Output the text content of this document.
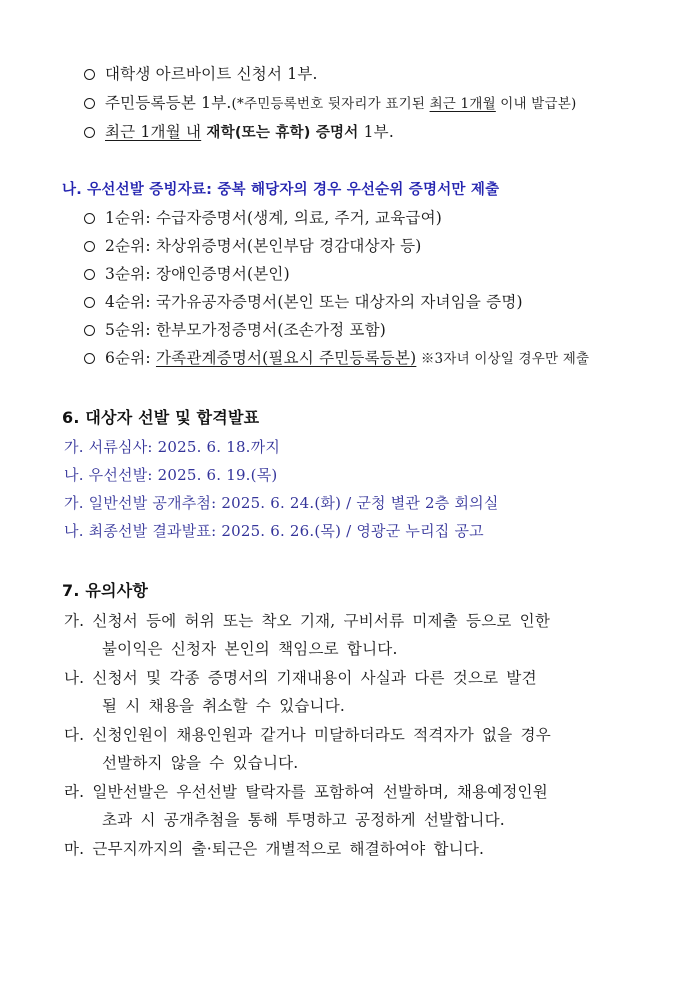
대학생 아르바이트 신청서 1부.
주민등록등본 1부.(*주민등록번호 뒷자리가 표기된 최근 1개월 이내 발급본)
최근 1개월 내 재학(또는 휴학) 증명서 1부.
나. 우선선발 증빙자료: 중복 해당자의 경우 우선순위 증명서만 제출
1순위: 수급자증명서(생계, 의료, 주거, 교육급여)
2순위: 차상위증명서(본인부담 경감대상자 등)
3순위: 장애인증명서(본인)
4순위: 국가유공자증명서(본인 또는 대상자의 자녀임을 증명)
5순위: 한부모가정증명서(조손가정 포함)
6순위: 가족관계증명서(필요시 주민등록등본) ※3자녀 이상일 경우만 제출
6. 대상자 선발 및 합격발표
가. 서류심사: 2025. 6. 18.까지
나. 우선선발: 2025. 6. 19.(목)
가. 일반선발 공개추첨: 2025. 6. 24.(화) / 군청 별관 2층 회의실
나. 최종선발 결과발표: 2025. 6. 26.(목) / 영광군 누리집 공고
7. 유의사항
가. 신청서 등에 허위 또는 착오 기재, 구비서류 미제출 등으로 인한
불이익은 신청자 본인의 책임으로 합니다.
나. 신청서 및 각종 증명서의 기재내용이 사실과 다른 것으로 발견
될 시 채용을 취소할 수 있습니다.
다. 신청인원이 채용인원과 같거나 미달하더라도 적격자가 없을 경우
선발하지 않을 수 있습니다.
라. 일반선발은 우선선발 탈락자를 포함하여 선발하며, 채용예정인원
초과 시 공개추첨을 통해 투명하고 공정하게 선발합니다.
마. 근무지까지의 출·퇴근은 개별적으로 해결하여야 합니다.
